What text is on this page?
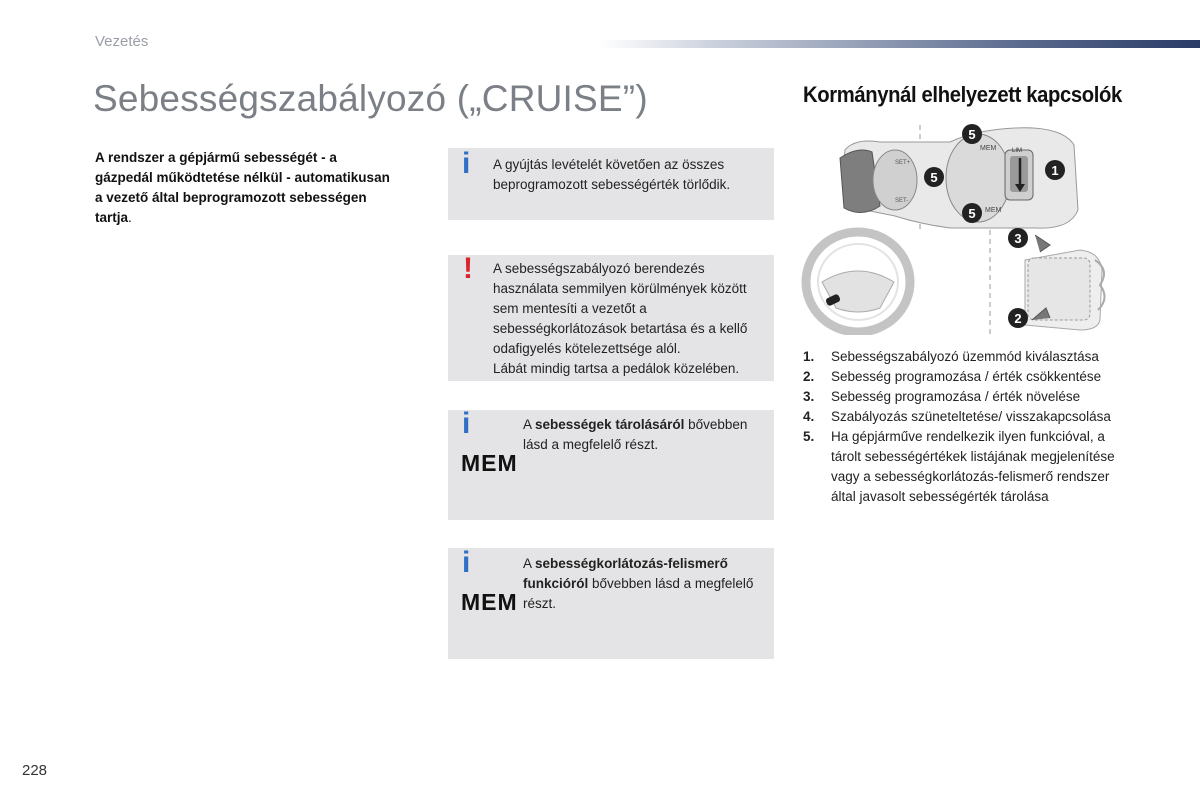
Vezetés
Sebességszabályozó („CRUISE”)
A rendszer a gépjármű sebességét - a gázpedál működtetése nélkül - automatikusan a vezető által beprogramozott sebességen tartja.
i A gyújtás levételét követően az összes beprogramozott sebességérték törlődik.
! A sebességszabályozó berendezés használata semmilyen körülmények között sem mentesíti a vezetőt a sebességkorlátozások betartása és a kellő odafigyelés kötelezettsége alól.
Lábát mindig tartsa a pedálok közelében.
i
MEM
A sebességek tárolásáról bővebben lásd a megfelelő részt.
i
MEM
A sebességkorlátozás-felismerő funkcióról bővebben lásd a megfelelő részt.
Kormánynál elhelyezett kapcsolók
MEM
SET+
SET-
LIM
MEM
1
5
5
5
3
2
1. Sebességszabályozó üzemmód kiválasztása
2. Sebesség programozása / érték csökkentése
3. Sebesség programozása / érték növelése
4. Szabályozás szüneteltetése/ visszakapcsolása
5. Ha gépjárműve rendelkezik ilyen funkcióval, a tárolt sebességértékek listájának megjelenítése vagy a sebességkorlátozás-felismerő rendszer által javasolt sebességérték tárolása
228
